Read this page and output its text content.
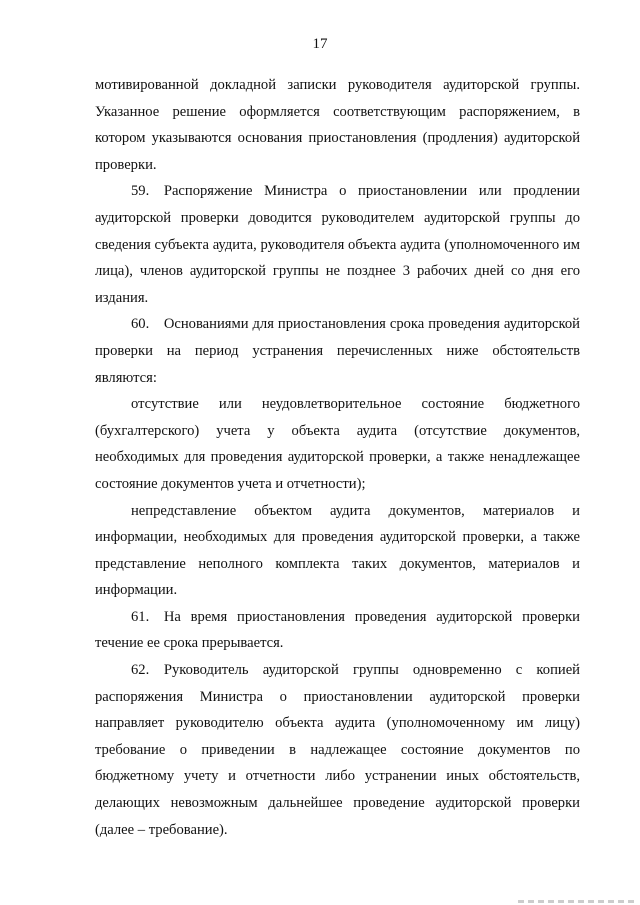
17

мотивированной докладной записки руководителя аудиторской группы. Указанное решение оформляется соответствующим распоряжением, в котором указываются основания приостановления (продления) аудиторской проверки.

59. Распоряжение Министра о приостановлении или продлении аудиторской проверки доводится руководителем аудиторской группы до сведения субъекта аудита, руководителя объекта аудита (уполномоченного им лица), членов аудиторской группы не позднее 3 рабочих дней со дня его издания.

60. Основаниями для приостановления срока проведения аудиторской проверки на период устранения перечисленных ниже обстоятельств являются:

отсутствие или неудовлетворительное состояние бюджетного (бухгалтерского) учета у объекта аудита (отсутствие документов, необходимых для проведения аудиторской проверки, а также ненадлежащее состояние документов учета и отчетности);

непредставление объектом аудита документов, материалов и информации, необходимых для проведения аудиторской проверки, а также представление неполного комплекта таких документов, материалов и информации.

61. На время приостановления проведения аудиторской проверки течение ее срока прерывается.

62. Руководитель аудиторской группы одновременно с копией распоряжения Министра о приостановлении аудиторской проверки направляет руководителю объекта аудита (уполномоченному им лицу) требование о приведении в надлежащее состояние документов по бюджетному учету и отчетности либо устранении иных обстоятельств, делающих невозможным дальнейшее проведение аудиторской проверки (далее – требование).
